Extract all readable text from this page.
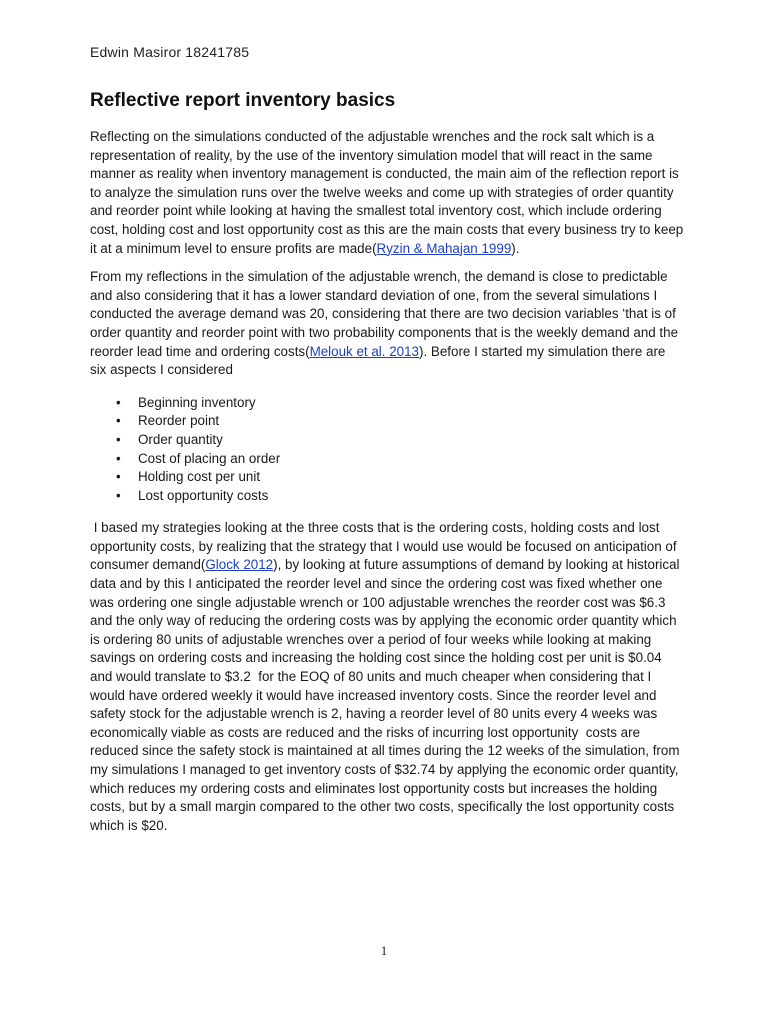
Edwin Masiror 18241785
Reflective report inventory basics

Reflecting on the simulations conducted of the adjustable wrenches and the rock salt which is a representation of reality, by the use of the inventory simulation model that will react in the same manner as reality when inventory management is conducted, the main aim of the reflection report is to analyze the simulation runs over the twelve weeks and come up with strategies of order quantity and reorder point while looking at having the smallest total inventory cost, which include ordering cost, holding cost and lost opportunity cost as this are the main costs that every business try to keep it at a minimum level to ensure profits are made(Ryzin & Mahajan 1999).

From my reflections in the simulation of the adjustable wrench, the demand is close to predictable and also considering that it has a lower standard deviation of one, from the several simulations I conducted the average demand was 20, considering that there are two decision variables ‘that is of order quantity and reorder point with two probability components that is the weekly demand and the reorder lead time and ordering costs(Melouk et al. 2013). Before I started my simulation there are six aspects I considered

• Beginning inventory
• Reorder point
• Order quantity
• Cost of placing an order
• Holding cost per unit
• Lost opportunity costs

I based my strategies looking at the three costs that is the ordering costs, holding costs and lost opportunity costs, by realizing that the strategy that I would use would be focused on anticipation of consumer demand(Glock 2012), by looking at future assumptions of demand by looking at historical data and by this I anticipated the reorder level and since the ordering cost was fixed whether one was ordering one single adjustable wrench or 100 adjustable wrenches the reorder cost was $6.3 and the only way of reducing the ordering costs was by applying the economic order quantity which is ordering 80 units of adjustable wrenches over a period of four weeks while looking at making savings on ordering costs and increasing the holding cost since the holding cost per unit is $0.04 and would translate to $3.2  for the EOQ of 80 units and much cheaper when considering that I would have ordered weekly it would have increased inventory costs. Since the reorder level and safety stock for the adjustable wrench is 2, having a reorder level of 80 units every 4 weeks was economically viable as costs are reduced and the risks of incurring lost opportunity  costs are reduced since the safety stock is maintained at all times during the 12 weeks of the simulation, from my simulations I managed to get inventory costs of $32.74 by applying the economic order quantity, which reduces my ordering costs and eliminates lost opportunity costs but increases the holding costs, but by a small margin compared to the other two costs, specifically the lost opportunity costs which is $20.

1
